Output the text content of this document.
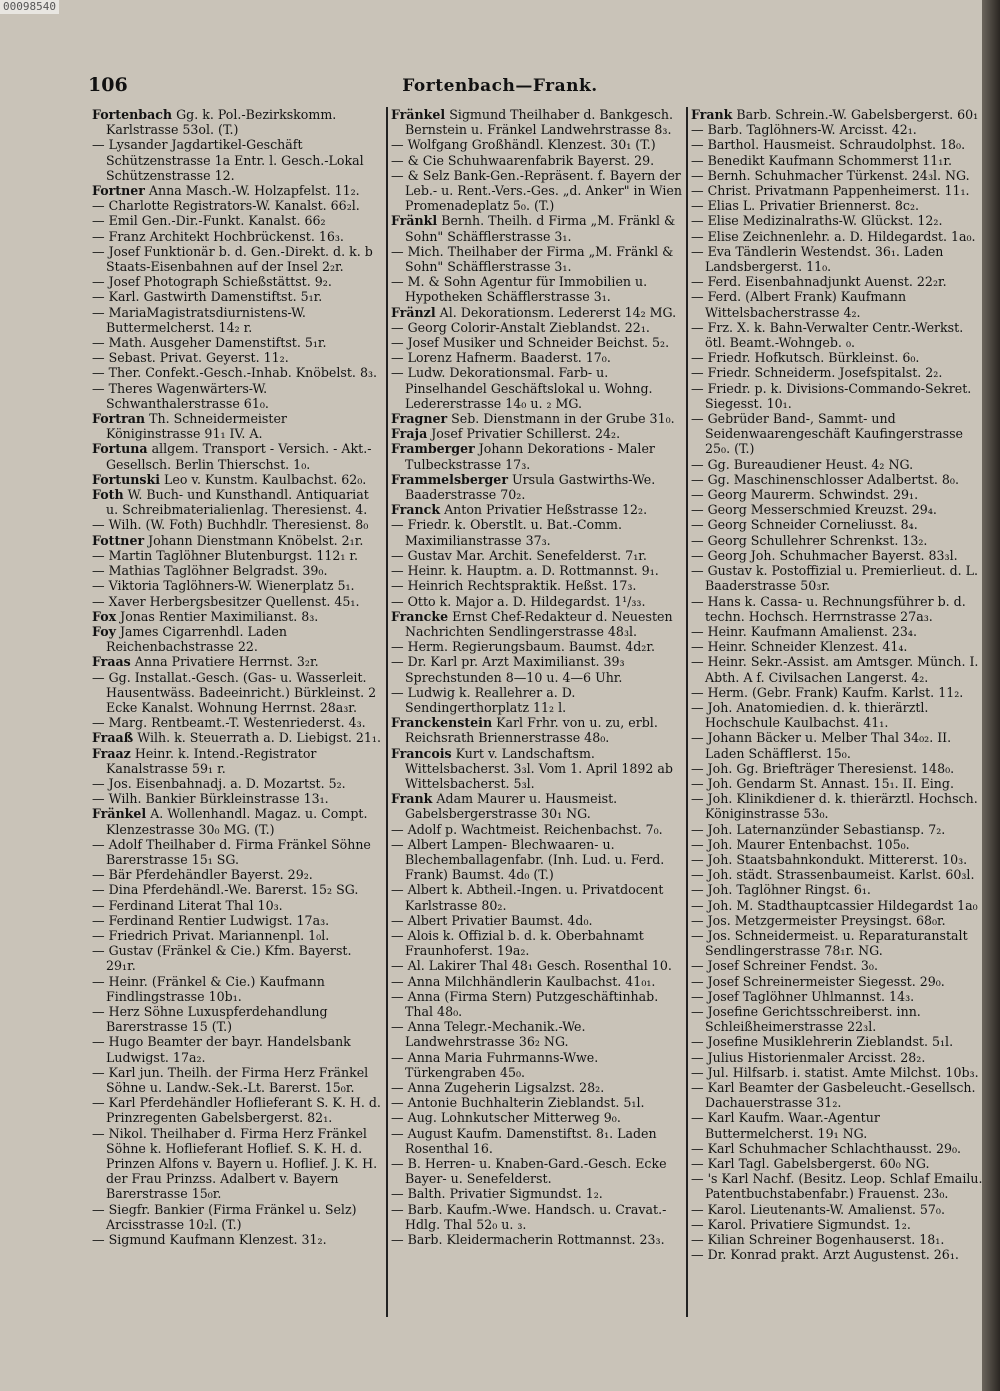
00098540
106	Fortenbach—Frank.

Fortenbach Gg. k. Pol.-Bezirkskomm. Karlstrasse 53ol. (T.)

— Lysander Jagdartikel-Geschäft Schützenstrasse 1a Entr. l. Gesch.-Lokal Schützenstrasse 12.

Fortner Anna Masch.-W. Holzapfelst. 11₂.

— Charlotte Registrators-W. Kanalst. 66₂l.

— Emil Gen.-Dir.-Funkt. Kanalst. 66₂

— Franz Architekt Hochbrückenst. 16₃.

— Josef Funktionär b. d. Gen.-Direkt. d. k. b Staats-Eisenbahnen auf der Insel 2₂r.

— Josef Photograph Schießstättst. 9₂.

— Karl. Gastwirth Damenstiftst. 5₁r.

— MariaMagistratsdiurnistens-W. Buttermelcherst. 14₂ r.

— Math. Ausgeher Damenstiftst. 5₁r.

— Sebast. Privat. Geyerst. 11₂.

— Ther. Confekt.-Gesch.-Inhab. Knöbelst. 8₃.

— Theres Wagenwärters-W. Schwanthalerstrasse 61₀.

Fortran Th. Schneidermeister Königinstrasse 91₁ IV. A.

Fortuna allgem. Transport - Versich. - Akt.-Gesellsch. Berlin Thierschst. 1₀.

Fortunski Leo v. Kunstm. Kaulbachst. 62₀.

Foth W. Buch- und Kunsthandl. Antiquariat u. Schreibmaterialienlag. Theresienst. 4.

— Wilh. (W. Foth) Buchhdlr. Theresienst. 8₀

Fottner Johann Dienstmann Knöbelst. 2₁r.

— Martin Taglöhner Blutenburgst. 112₁ r.

— Mathias Taglöhner Belgradst. 39₀.

— Viktoria Taglöhners-W. Wienerplatz 5₁.

— Xaver Herbergsbesitzer Quellenst. 45₁.

Fox Jonas Rentier Maximilianst. 8₃.

Foy James Cigarrenhdl. Laden Reichenbachstrasse 22.

Fraas Anna Privatiere Herrnst. 3₂r.

— Gg. Installat.-Gesch. (Gas- u. Wasserleit. Hausentwäss. Badeeinricht.) Bürkleinst. 2 Ecke Kanalst. Wohnung Herrnst. 28a₃r.

— Marg. Rentbeamt.-T. Westenriederst. 4₃.

Fraaß Wilh. k. Steuerrath a. D. Liebigst. 21₁.

Fraaz Heinr. k. Intend.-Registrator Kanalstrasse 59₁ r.

— Jos. Eisenbahnadj. a. D. Mozartst. 5₂.

— Wilh. Bankier Bürkleinstrasse 13₁.

Fränkel A. Wollenhandl. Magaz. u. Compt. Klenzestrasse 30₀ MG. (T.)

— Adolf Theilhaber d. Firma Fränkel Söhne Barerstrasse 15₁ SG.

— Bär Pferdehändler Bayerst. 29₂.

— Dina Pferdehändl.-We. Barerst. 15₂ SG.

— Ferdinand Literat Thal 10₃.

— Ferdinand Rentier Ludwigst. 17a₃.

— Friedrich Privat. Mariannenpl. 1₀l.

— Gustav (Fränkel & Cie.) Kfm. Bayerst. 29₁r.

— Heinr. (Fränkel & Cie.) Kaufmann Findlingstrasse 10b₁.

— Herz Söhne Luxuspferdehandlung Barerstrasse 15 (T.)

— Hugo Beamter der bayr. Handelsbank Ludwigst. 17a₂.

— Karl jun. Theilh. der Firma Herz Fränkel Söhne u. Landw.-Sek.-Lt. Barerst. 15₀r.

— Karl Pferdehändler Hoflieferant S. K. H. d. Prinzregenten Gabelsbergerst. 82₁.

— Nikol. Theilhaber d. Firma Herz Fränkel Söhne k. Hoflieferant Hoflief. S. K. H. d. Prinzen Alfons v. Bayern u. Hoflief. J. K. H. der Frau Prinzss. Adalbert v. Bayern Barerstrasse 15₀r.

— Siegfr. Bankier (Firma Fränkel u. Selz) Arcisstrasse 10₂l. (T.)

— Sigmund Kaufmann Klenzest. 31₂.

Fränkel Sigmund Theilhaber d. Bankgesch. Bernstein u. Fränkel Landwehrstrasse 8₃.

— Wolfgang Großhändl. Klenzest. 30₁ (T.)

— & Cie Schuhwaarenfabrik Bayerst. 29.

— & Selz Bank-Gen.-Repräsent. f. Bayern der Leb.- u. Rent.-Vers.-Ges. „d. Anker" in Wien Promenadeplatz 5₀. (T.)

Fränkl Bernh. Theilh. d Firma „M. Fränkl & Sohn" Schäfflerstrasse 3₁.

— Mich. Theilhaber der Firma „M. Fränkl & Sohn" Schäfflerstrasse 3₁.

— M. & Sohn Agentur für Immobilien u. Hypotheken Schäfflerstrasse 3₁.

Fränzl Al. Dekorationsm. Ledererst 14₂ MG.

— Georg Colorir-Anstalt Zieblandst. 22₁.

— Josef Musiker und Schneider Beichst. 5₂.

— Lorenz Hafnerm. Baaderst. 17₀.

— Ludw. Dekorationsmal. Farb- u. Pinselhandel Geschäftslokal u. Wohng. Ledererstrasse 14₀ u. ₂ MG.

Fragner Seb. Dienstmann in der Grube 31₀.

Fraja Josef Privatier Schillerst. 24₂.

Framberger Johann Dekorations - Maler Tulbeckstrasse 17₃.

Frammelsberger Ursula Gastwirths-We. Baaderstrasse 70₂.

Franck Anton Privatier Heßstrasse 12₂.

— Friedr. k. Oberstlt. u. Bat.-Comm. Maximilianstrasse 37₃.

— Gustav Mar. Archit. Senefelderst. 7₁r.

— Heinr. k. Hauptm. a. D. Rottmannst. 9₁.

— Heinrich Rechtspraktik. Heßst. 17₃.

— Otto k. Major a. D. Hildegardst. 1¹/₃₃.

Francke Ernst Chef-Redakteur d. Neuesten Nachrichten Sendlingerstrasse 48₃l.

— Herm. Regierungsbaum. Baumst. 4d₂r.

— Dr. Karl pr. Arzt Maximilianst. 39₃ Sprechstunden 8—10 u. 4—6 Uhr.

— Ludwig k. Reallehrer a. D. Sendingerthorplatz 11₂ l.

Franckenstein Karl Frhr. von u. zu, erbl. Reichsrath Briennerstrasse 48₀.

Francois Kurt v. Landschaftsm. Wittelsbacherst. 3₃l. Vom 1. April 1892 ab Wittelsbacherst. 5₃l.

Frank Adam Maurer u. Hausmeist. Gabelsbergerstrasse 30₁ NG.

— Adolf p. Wachtmeist. Reichenbachst. 7₀.

— Albert Lampen- Blechwaaren- u. Blechemballagenfabr. (Inh. Lud. u. Ferd. Frank) Baumst. 4d₀ (T.)

— Albert k. Abtheil.-Ingen. u. Privatdocent Karlstrasse 80₂.

— Albert Privatier Baumst. 4d₀.

— Alois k. Offizial b. d. k. Oberbahnamt Fraunhoferst. 19a₂.

— Al. Lakirer Thal 48₁ Gesch. Rosenthal 10.

— Anna Milchhändlerin Kaulbachst. 41₀₁.

— Anna (Firma Stern) Putzgeschäftinhab. Thal 48₀.

— Anna Telegr.-Mechanik.-We. Landwehrstrasse 36₂ NG.

— Anna Maria Fuhrmanns-Wwe. Türkengraben 45₀.

— Anna Zugeherin Ligsalzst. 28₂.

— Antonie Buchhalterin Zieblandst. 5₁l.

— Aug. Lohnkutscher Mitterweg 9₀.

— August Kaufm. Damenstiftst. 8₁. Laden Rosenthal 16.

— B. Herren- u. Knaben-Gard.-Gesch. Ecke Bayer- u. Senefelderst.

— Balth. Privatier Sigmundst. 1₂.

— Barb. Kaufm.-Wwe. Handsch. u. Cravat.-Hdlg. Thal 52₀ u. ₃.

— Barb. Kleidermacherin Rottmannst. 23₃.

Frank Barb. Schrein.-W. Gabelsbergerst. 60₁

— Barb. Taglöhners-W. Arcisst. 42₁.

— Barthol. Hausmeist. Schraudolphst. 18₀.

— Benedikt Kaufmann Schommerst 11₁r.

— Bernh. Schuhmacher Türkenst. 24₃l. NG.

— Christ. Privatmann Pappenheimerst. 11₁.

— Elias L. Privatier Briennerst. 8c₂.

— Elise Medizinalraths-W. Glückst. 12₂.

— Elise Zeichnenlehr. a. D. Hildegardst. 1a₀.

— Eva Tändlerin Westendst. 36₁. Laden Landsbergerst. 11₀.

— Ferd. Eisenbahnadjunkt Auenst. 22₂r.

— Ferd. (Albert Frank) Kaufmann Wittelsbacherstrasse 4₂.

— Frz. X. k. Bahn-Verwalter Centr.-Werkst. ötl. Beamt.-Wohngeb. ₀.

— Friedr. Hofkutsch. Bürkleinst. 6₀.

— Friedr. Schneiderm. Josefspitalst. 2₂.

— Friedr. p. k. Divisions-Commando-Sekret. Siegesst. 10₁.

— Gebrüder Band-, Sammt- und Seidenwaarengeschäft Kaufingerstrasse 25₀. (T.)

— Gg. Bureaudiener Heust. 4₂ NG.

— Gg. Maschinenschlosser Adalbertst. 8₀.

— Georg Maurerm. Schwindst. 29₁.

— Georg Messerschmied Kreuzst. 29₄.

— Georg Schneider Corneliusst. 8₄.

— Georg Schullehrer Schrenkst. 13₂.

— Georg Joh. Schuhmacher Bayerst. 83₃l.

— Gustav k. Postoffizial u. Premierlieut. d. L. Baaderstrasse 50₃r.

— Hans k. Cassa- u. Rechnungsführer b. d. techn. Hochsch. Herrnstrasse 27a₃.

— Heinr. Kaufmann Amalienst. 23₄.

— Heinr. Schneider Klenzest. 41₄.

— Heinr. Sekr.-Assist. am Amtsger. Münch. I. Abth. A f. Civilsachen Langerst. 4₂.

— Herm. (Gebr. Frank) Kaufm. Karlst. 11₂.

— Joh. Anatomiedien. d. k. thierärztl. Hochschule Kaulbachst. 41₁.

— Johann Bäcker u. Melber Thal 34₀₂. II. Laden Schäfflerst. 15₀.

— Joh. Gg. Briefträger Theresienst. 148₀.

— Joh. Gendarm St. Annast. 15₁. II. Eing.

— Joh. Klinikdiener d. k. thierärztl. Hochsch. Königinstrasse 53₀.

— Joh. Laternanzünder Sebastiansp. 7₂.

— Joh. Maurer Entenbachst. 105₀.

— Joh. Staatsbahnkondukt. Mittererst. 10₃.

— Joh. städt. Strassenbaumeist. Karlst. 60₃l.

— Joh. Taglöhner Ringst. 6₁.

— Joh. M. Stadthauptcassier Hildegardst 1a₀

— Jos. Metzgermeister Preysingst. 68₀r.

— Jos. Schneidermeist. u. Reparaturanstalt Sendlingerstrasse 78₁r. NG.

— Josef Schreiner Fendst. 3₀.

— Josef Schreinermeister Siegesst. 29₀.

— Josef Taglöhner Uhlmannst. 14₃.

— Josefine Gerichtsschreiberst. inn. Schleißheimerstrasse 22₃l.

— Josefine Musiklehrerin Zieblandst. 5₁l.

— Julius Historienmaler Arcisst. 28₂.

— Jul. Hilfsarb. i. statist. Amte Milchst. 10b₃.

— Karl Beamter der Gasbeleucht.-Gesellsch. Dachauerstrasse 31₂.

— Karl Kaufm. Waar.-Agentur Buttermelcherst. 19₁ NG.

— Karl Schuhmacher Schlachthausst. 29₀.

— Karl Tagl. Gabelsbergerst. 60₀ NG.

— 's Karl Nachf. (Besitz. Leop. Schlaf Emailu. Patentbuchstabenfabr.) Frauenst. 23₀.

— Karol. Lieutenants-W. Amalienst. 57₀.

— Karol. Privatiere Sigmundst. 1₂.

— Kilian Schreiner Bogenhauserst. 18₁.

— Dr. Konrad prakt. Arzt Augustenst. 26₁.
